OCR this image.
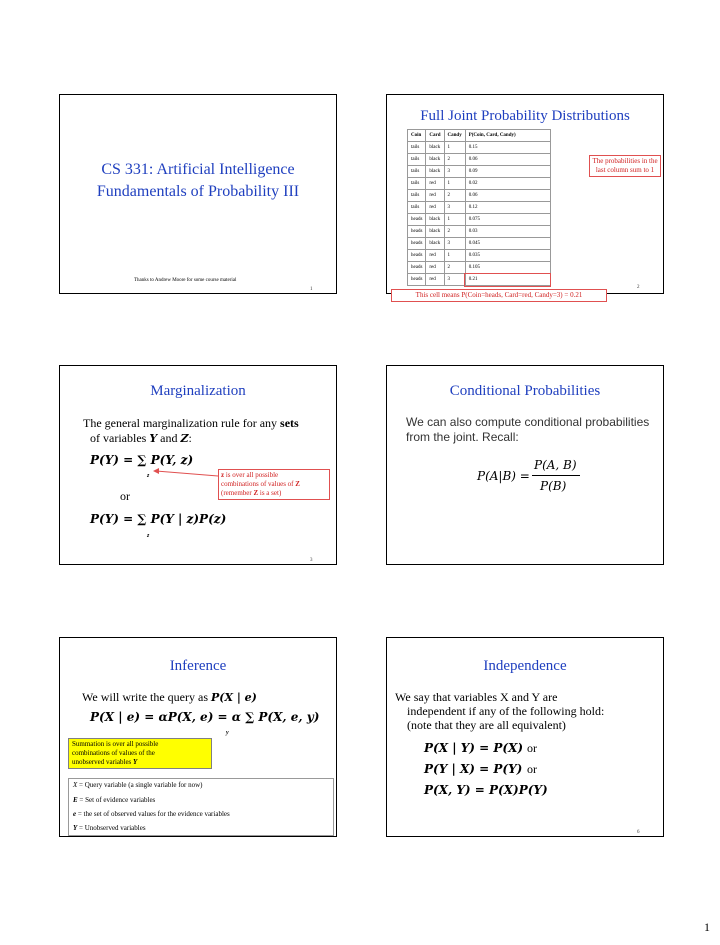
CS 331: Artificial Intelligence
Fundamentals of Probability III
Thanks to Andrew Moore for some course material
1
Full Joint Probability Distributions
Coin	Card	Candy	P(Coin, Card, Candy)
tails	black	1	0.15
tails	black	2	0.06
tails	black	3	0.09
tails	red	1	0.02
tails	red	2	0.06
tails	red	3	0.12
heads	black	1	0.075
heads	black	2	0.03
heads	black	3	0.045
heads	red	1	0.035
heads	red	2	0.105
heads	red	3	0.21
The probabilities in the last column sum to 1
This cell means P(Coin=heads, Card=red, Candy=3) = 0.21
2
Marginalization
The general marginalization rule for any sets
of variables Y and Z:
P(Y) = ∑ P(Y, z)
z
or
P(Y) = ∑ P(Y | z)P(z)
z
z is over all possible
combinations of values of Z
(remember Z is a set)
3
Conditional Probabilities
We can also compute conditional probabilities
from the joint. Recall:
P(A|B) =
P(A, B)
P(B)
Inference
We will write the query as P(X | e)
P(X | e) = αP(X, e) = α ∑ P(X, e, y)
y
Summation is over all possible
combinations of values of the
unobserved variables Y
X = Query variable (a single variable for now)
E = Set of evidence variables
e = the set of observed values for the evidence variables
Y = Unobserved variables
Independence
We say that variables X and Y are
independent if any of the following hold:
(note that they are all equivalent)
P(X | Y) = P(X) or
P(Y | X) = P(Y) or
P(X, Y) = P(X)P(Y)
6
1
